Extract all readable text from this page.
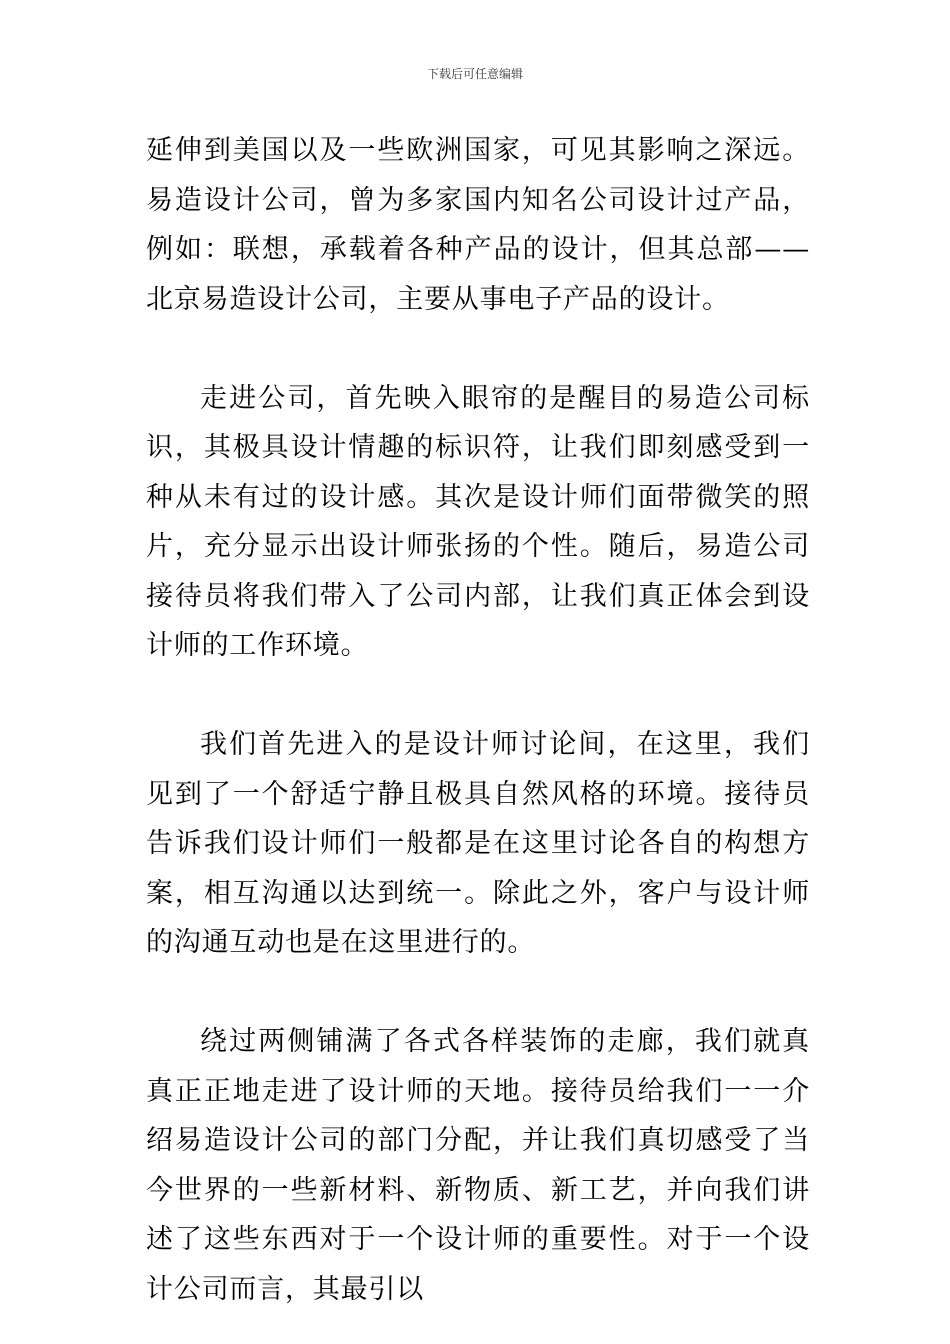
下载后可任意编辑

延伸到美国以及一些欧洲国家，可见其影响之深远。易造设计公司，曾为多家国内知名公司设计过产品，例如：联想，承载着各种产品的设计，但其总部——北京易造设计公司，主要从事电子产品的设计。

走进公司，首先映入眼帘的是醒目的易造公司标识，其极具设计情趣的标识符，让我们即刻感受到一种从未有过的设计感。其次是设计师们面带微笑的照片，充分显示出设计师张扬的个性。随后，易造公司接待员将我们带入了公司内部，让我们真正体会到设计师的工作环境。

我们首先进入的是设计师讨论间，在这里，我们见到了一个舒适宁静且极具自然风格的环境。接待员告诉我们设计师们一般都是在这里讨论各自的构想方案，相互沟通以达到统一。除此之外，客户与设计师的沟通互动也是在这里进行的。

绕过两侧铺满了各式各样装饰的走廊，我们就真真正正地走进了设计师的天地。接待员给我们一一介绍易造设计公司的部门分配，并让我们真切感受了当今世界的一些新材料、新物质、新工艺，并向我们讲述了这些东西对于一个设计师的重要性。对于一个设计公司而言，其最引以
